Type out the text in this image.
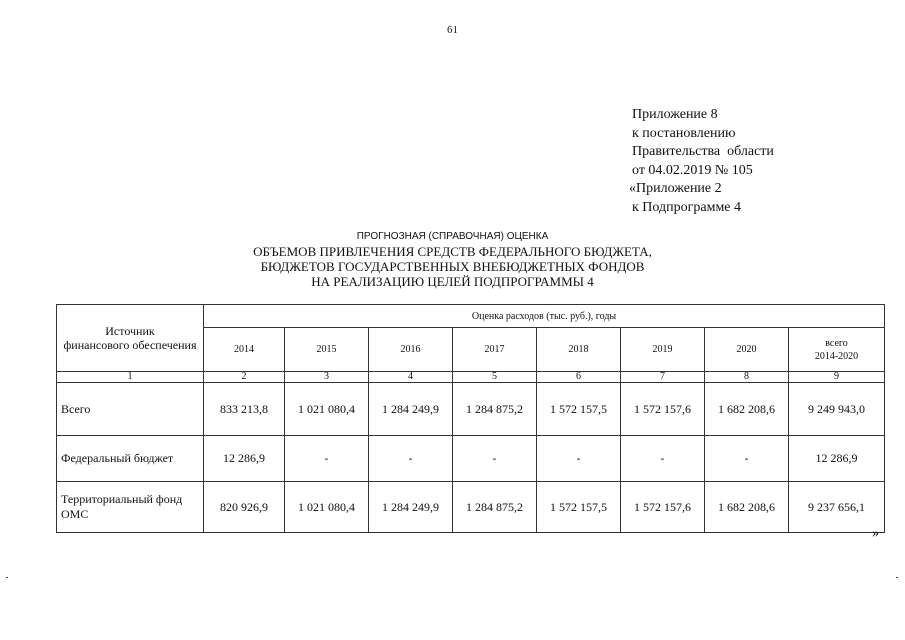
61
Приложение 8
к постановлению
Правительства  области
от 04.02.2019 № 105
«Приложение 2
к Подпрограмме 4
ПРОГНОЗНАЯ (СПРАВОЧНАЯ) ОЦЕНКА
ОБЪЕМОВ ПРИВЛЕЧЕНИЯ СРЕДСТВ ФЕДЕРАЛЬНОГО БЮДЖЕТА,
БЮДЖЕТОВ ГОСУДАРСТВЕННЫХ ВНЕБЮДЖЕТНЫХ ФОНДОВ
НА РЕАЛИЗАЦИЮ ЦЕЛЕЙ ПОДПРОГРАММЫ 4
Источник
финансового обеспечения	Оценка расходов (тыс. руб.), годы							
	2014	2015	2016	2017	2018	2019	2020	всего
2014-2020
1	2	3	4	5	6	7	8	9
Всего	833 213,8	1 021 080,4	1 284 249,9	1 284 875,2	1 572 157,5	1 572 157,6	1 682 208,6	9 249 943,0
Федеральный бюджет	12 286,9	-	-	-	-	-	-	12 286,9
Территориальный фонд ОМС	820 926,9	1 021 080,4	1 284 249,9	1 284 875,2	1 572 157,5	1 572 157,6	1 682 208,6	9 237 656,1
»
